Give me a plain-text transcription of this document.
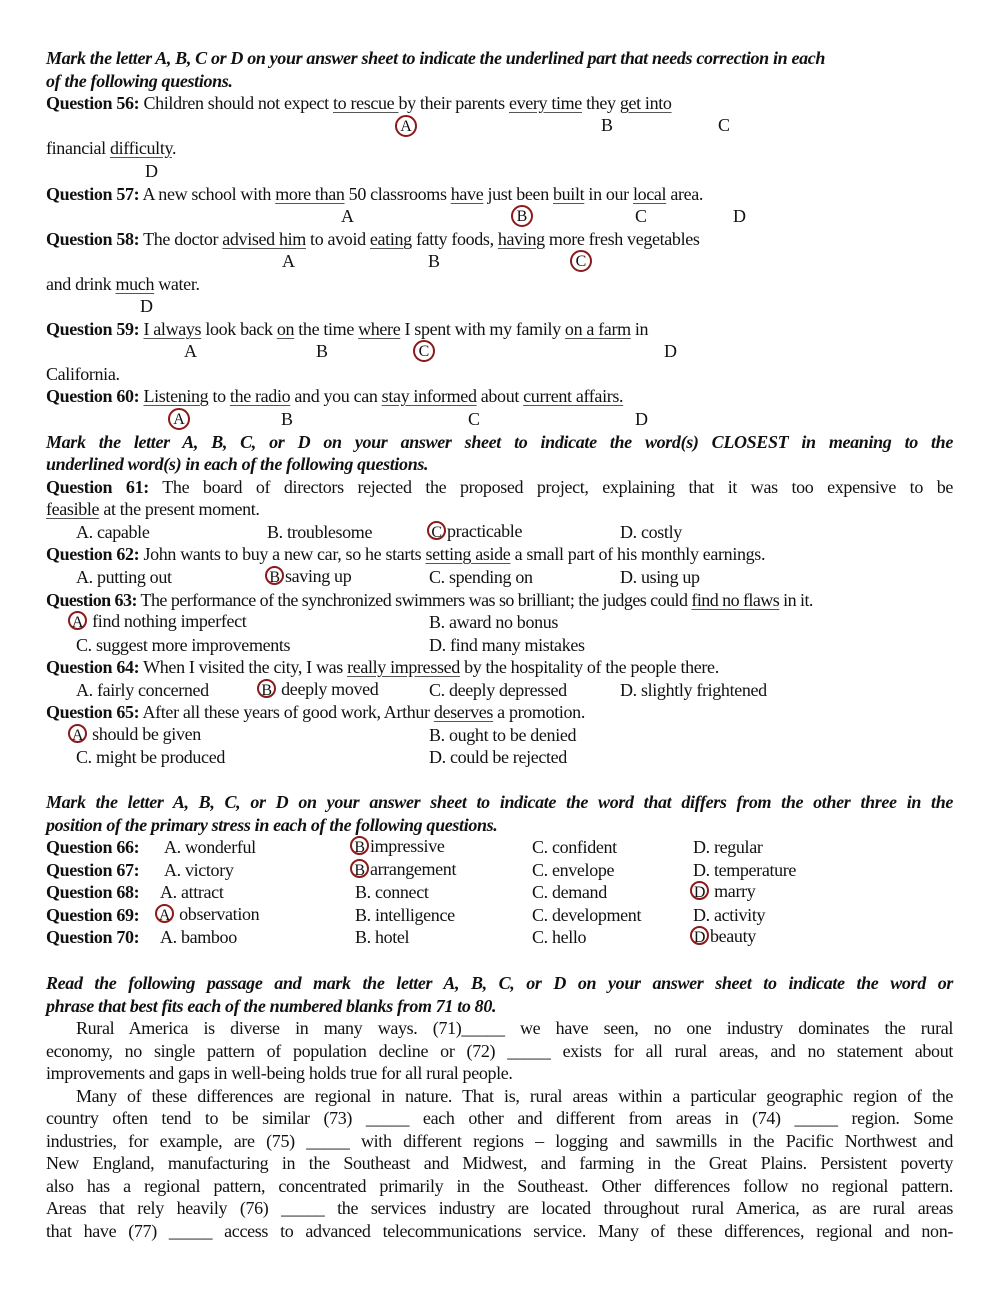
Mark the letter A, B, C or D on your answer sheet to indicate the underlined part that needs correction in each
of the following questions.
Question 56: Children should not expect to rescue by their parents every time they get into
A	B	C
financial difficulty.
D
Question 57: A new school with more than 50 classrooms have just been built in our local area.
A	B	C	D
Question 58: The doctor advised him to avoid eating fatty foods, having more fresh vegetables
A	B	C
and drink much water.
D
Question 59: I always look back on the time where I spent with my family on a farm in
A	B	C	D
California.
Question 60: Listening to the radio and you can stay informed about current affairs.
A	B	C	D
Mark the letter A, B, C, or D on your answer sheet to indicate the word(s) CLOSEST in meaning to the
underlined word(s) in each of the following questions.
Question 61: The board of directors rejected the proposed project, explaining that it was too expensive to be
feasible at the present moment.
A. capable	B. troublesome	C practicable	D. costly
Question 62: John wants to buy a new car, so he starts setting aside a small part of his monthly earnings.
A. putting out	B saving up	C. spending on	D. using up
Question 63: The performance of the synchronized swimmers was so brilliant; the judges could find no flaws in it.
A find nothing imperfect	B. award no bonus
C. suggest more improvements	D. find many mistakes
Question 64: When I visited the city, I was really impressed by the hospitality of the people there.
A. fairly concerned	B deeply moved	C. deeply depressed	D. slightly frightened
Question 65: After all these years of good work, Arthur deserves a promotion.
A should be given	B. ought to be denied
C. might be produced	D. could be rejected
Mark the letter A, B, C, or D on your answer sheet to indicate the word that differs from the other three in the
position of the primary stress in each of the following questions.
Question 66: A. wonderful	B impressive	C. confident	D. regular
Question 67: A. victory	B arrangement	C. envelope	D. temperature
Question 68: A. attract	B. connect	C. demand	D marry
Question 69: A observation	B. intelligence	C. development	D. activity
Question 70: A. bamboo	B. hotel	C. hello	D beauty
Read the following passage and mark the letter A, B, C, or D on your answer sheet to indicate the word or
phrase that best fits each of the numbered blanks from 71 to 80.
Rural America is diverse in many ways. (71)_____ we have seen, no one industry dominates the rural
economy, no single pattern of population decline or (72) _____ exists for all rural areas, and no statement about
improvements and gaps in well-being holds true for all rural people.
Many of these differences are regional in nature. That is, rural areas within a particular geographic region of the
country often tend to be similar (73) _____ each other and different from areas in (74) _____ region. Some
industries, for example, are (75) _____ with different regions – logging and sawmills in the Pacific Northwest and
New England, manufacturing in the Southeast and Midwest, and farming in the Great Plains. Persistent poverty
also has a regional pattern, concentrated primarily in the Southeast. Other differences follow no regional pattern.
Areas that rely heavily (76) _____ the services industry are located throughout rural America, as are rural areas
that have (77) _____ access to advanced telecommunications service. Many of these differences, regional and non-
